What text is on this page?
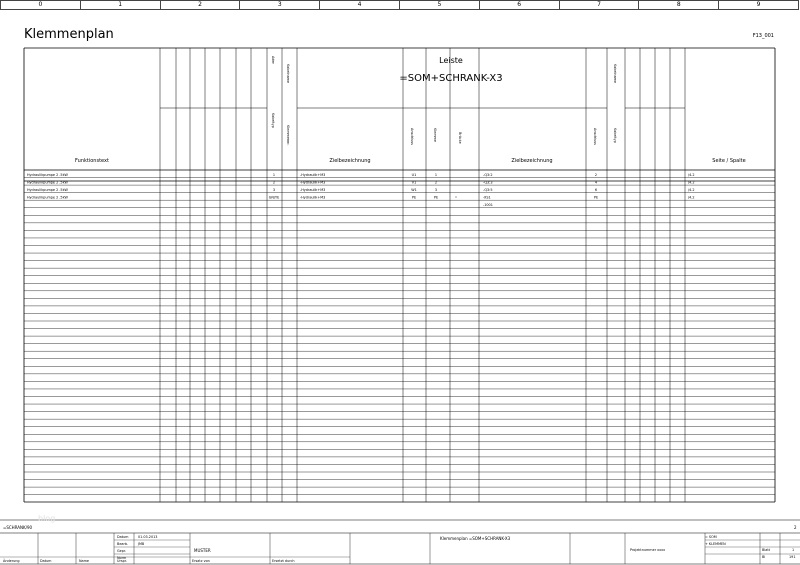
0	1	2	3	4	5	6	7	8	9
Klemmenplan	F13_001
Funktionstext	Zielbezeichnung	Zielbezeichnung
Leiste
=SOM+SCHRANK-X3
Seite / Spalte
Ader
Kabeltyp
Kabelname
Klemmennr.	Anschluss	Klemme	Brücke	Anschluss
Kabelname
Kabeltyp
Hydraulikpumpe 2 .5kW	1	-Hydraulik+M3	U1	1	-Q3:2	2	/4.2
Hydraulikpumpe 2 .5kW	2	-Hydraulik+M3	V1	2	-Q3:3	4	/4.2
Hydraulikpumpe 2 .5kW	3	-Hydraulik+M3	W1	3	-Q3:5	6	/4.2
Hydraulikpumpe 2 .5kW	GN/YE	-Hydraulik+M3	PE	PE	•	-XS1	PE	/4.2
-1001
=SCHRANK/90	2
Datum	01.03.2013
Bearb.	JMB
Gepr.
Norm
Urspr.	Ersatz von	Ersetzt durch
Änderung	Datum	Name
MUSTER
Klemmenplan =SOM+SCHRANK-X3	= SOM
+ KLEMMEN
Projektnummer xxxx	Blatt	1
Bl	191
blog
